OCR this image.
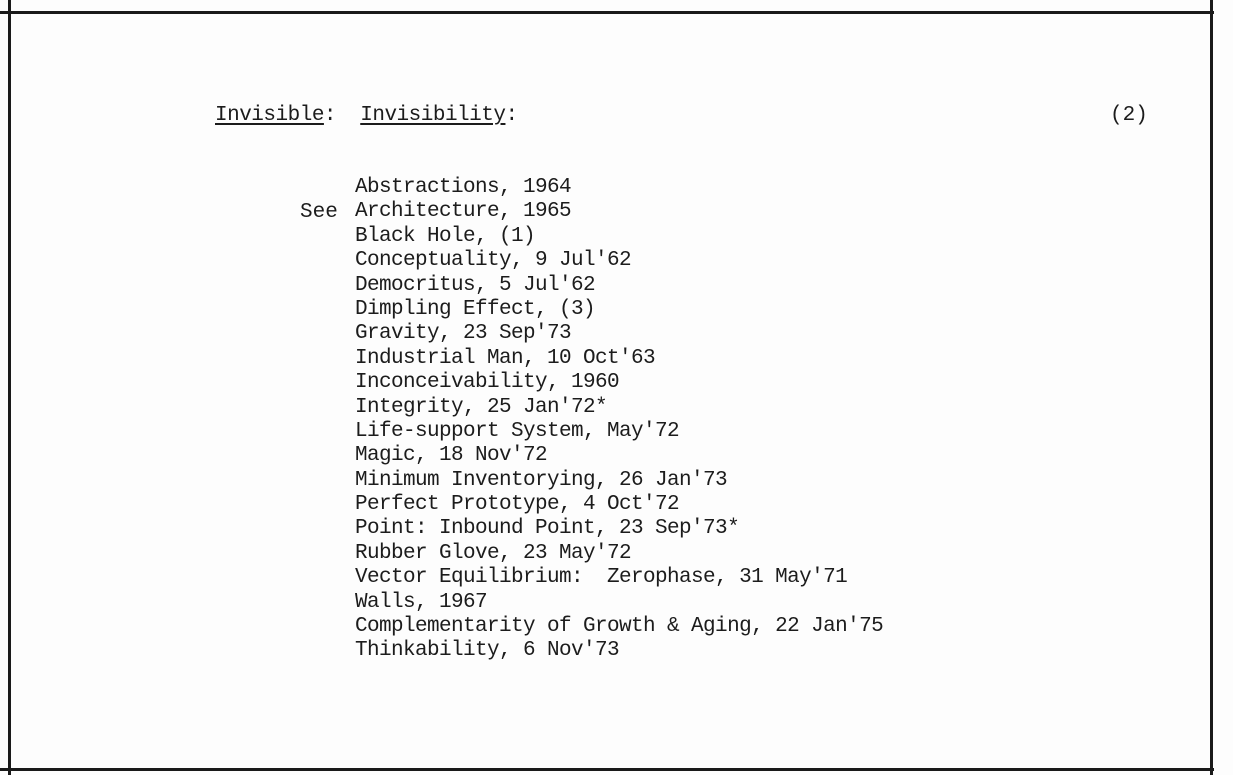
Invisible:  Invisibility:	(2)
See
Abstractions, 1964
Architecture, 1965
Black Hole, (1)
Conceptuality, 9 Jul'62
Democritus, 5 Jul'62
Dimpling Effect, (3)
Gravity, 23 Sep'73
Industrial Man, 10 Oct'63
Inconceivability, 1960
Integrity, 25 Jan'72*
Life-support System, May'72
Magic, 18 Nov'72
Minimum Inventorying, 26 Jan'73
Perfect Prototype, 4 Oct'72
Point: Inbound Point, 23 Sep'73*
Rubber Glove, 23 May'72
Vector Equilibrium:  Zerophase, 31 May'71
Walls, 1967
Complementarity of Growth & Aging, 22 Jan'75
Thinkability, 6 Nov'73
